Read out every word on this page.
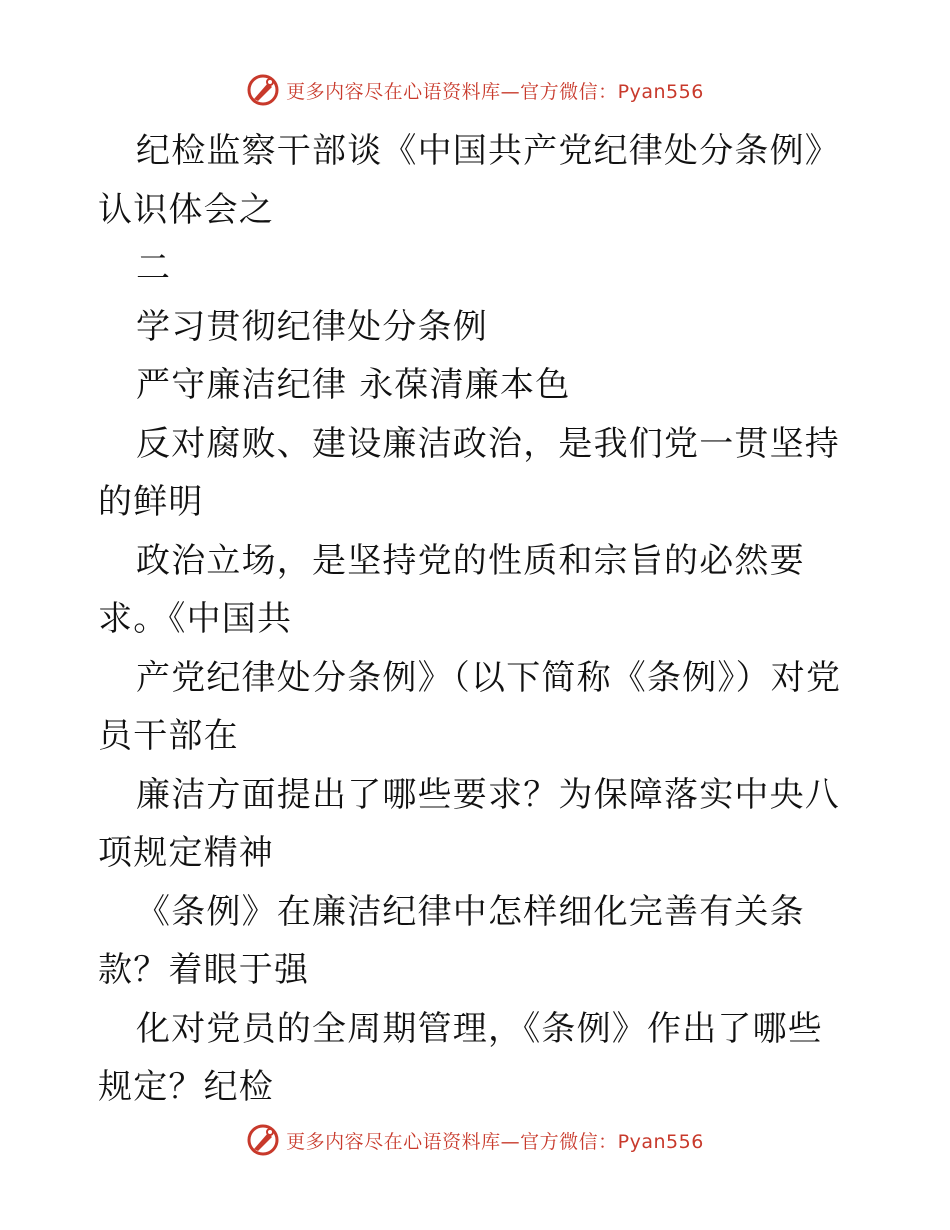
更多内容尽在心语资料库—官方微信：Pyan556

纪检监察干部谈《中国共产党纪律处分条例》认识体会之

二

学习贯彻纪律处分条例

严守廉洁纪律 永葆清廉本色

反对腐败、建设廉洁政治，是我们党一贯坚持的鲜明

政治立场，是坚持党的性质和宗旨的必然要求。《中国共

产党纪律处分条例》（以下简称《条例》）对党员干部在

廉洁方面提出了哪些要求？为保障落实中央八项规定精神

《条例》在廉洁纪律中怎样细化完善有关条款？着眼于强

化对党员的全周期管理，《条例》作出了哪些规定？纪检

更多内容尽在心语资料库—官方微信：Pyan556
